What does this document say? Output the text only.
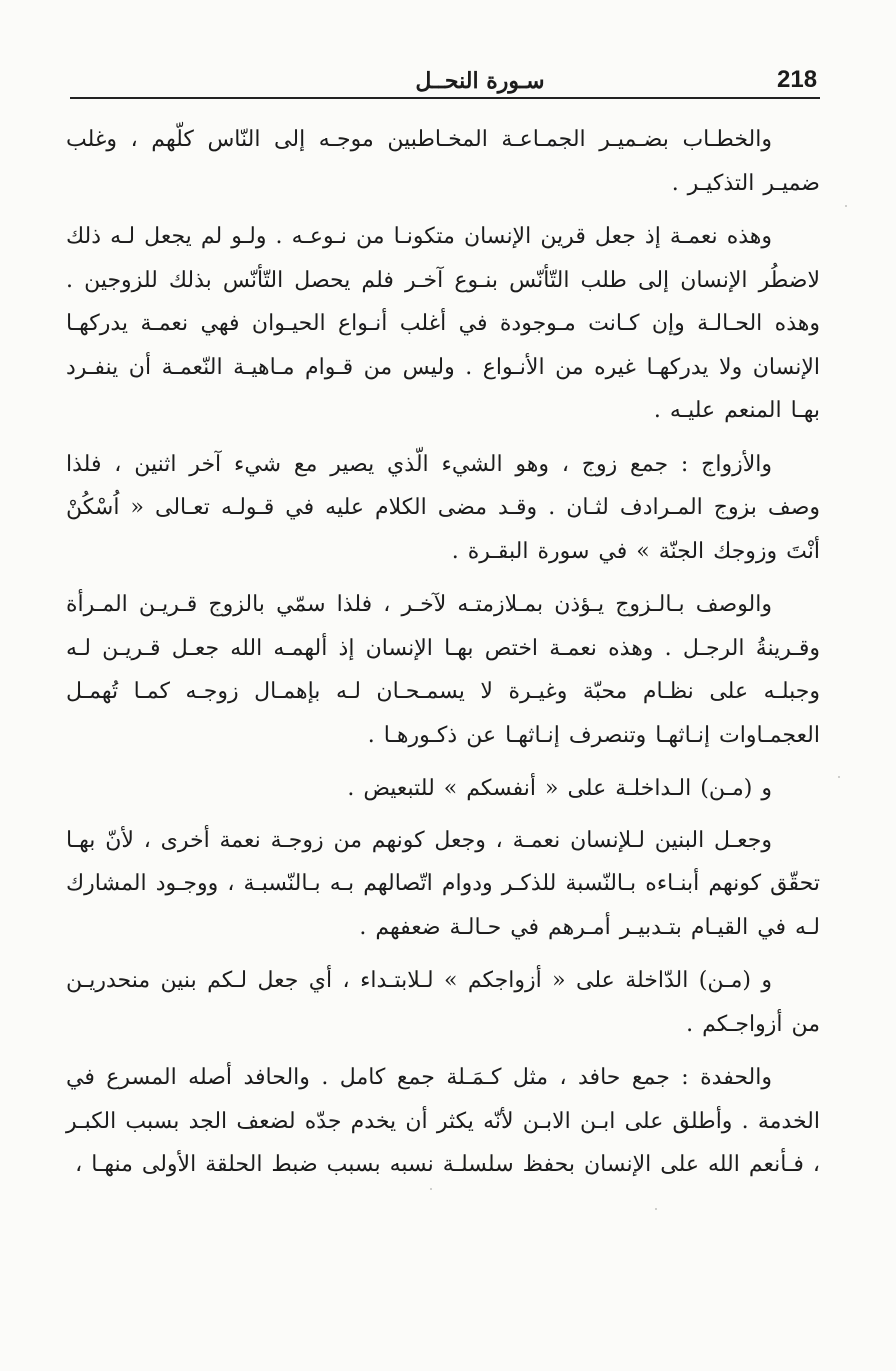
218
سـورة النحــل

والخطـاب بضـميـر الجمـاعـة المخـاطبين موجـه إلى النّاس كلّهم ، وغلب ضميـر التذكيـر .

وهذه نعمـة إذ جعل قرين الإنسان متكونـا من نـوعـه . ولـو لم يجعل لـه ذلك لاضطُر الإنسان إلى طلب التّأنّس بنـوع آخـر فلم يحصل التّأنّس بذلك للزوجين . وهذه الحـالـة وإن كـانت مـوجودة في أغلب أنـواع الحيـوان فهي نعمـة يدركهـا الإنسان ولا يدركهـا غيره من الأنـواع . وليس من قـوام مـاهيـة النّعمـة أن ينفـرد بهـا المنعم عليـه .

والأزواج : جمع زوج ، وهو الشيء الّذي يصير مع شيء آخر اثنين ، فلذا وصف بزوج المـرادف لثـان . وقـد مضى الكلام عليه في قـولـه تعـالى « اُسْكُنْ أنْتَ وزوجك الجنّة » في سورة البقـرة .

والوصف بـالـزوج يـؤذن بمـلازمتـه لآخـر ، فلذا سمّي بالزوج قـريـن المـرأة وقـرينةُ الرجـل . وهذه نعمـة اختص بهـا الإنسان إذ ألهمـه الله جعـل قـريـن لـه وجبلـه على نظـام محبّة وغيـرة لا يسمـحـان لـه بإهمـال زوجـه كمـا تُهمـل العجمـاوات إنـاثهـا وتنصرف إنـاثهـا عن ذكـورهـا .

و (مـن) الـداخلـة على « أنفسكم » للتبعيض .

وجعـل البنين لـلإنسان نعمـة ، وجعل كونهم من زوجـة نعمة أخرى ، لأنّ بهـا تحقّق كونهم أبنـاءه بـالنّسبة للذكـر ودوام اتّصالهم بـه بـالنّسبـة ، ووجـود المشارك لـه في القيـام بتـدبيـر أمـرهم في حـالـة ضعفهم .

و (مـن) الدّاخلة على « أزواجكم » لـلابتـداء ، أي جعل لـكم بنين منحدريـن من أزواجـكم .

والحفدة : جمع حافد ، مثل كـمَـلة جمع كامل . والحافد أصله المسرع في الخدمة . وأطلق على ابـن الابـن لأنّه يكثر أن يخدم جدّه لضعف الجد بسبب الكبـر ، فـأنعم الله على الإنسان بحفظ سلسلـة نسبه بسبب ضبط الحلقة الأولى منهـا ،
